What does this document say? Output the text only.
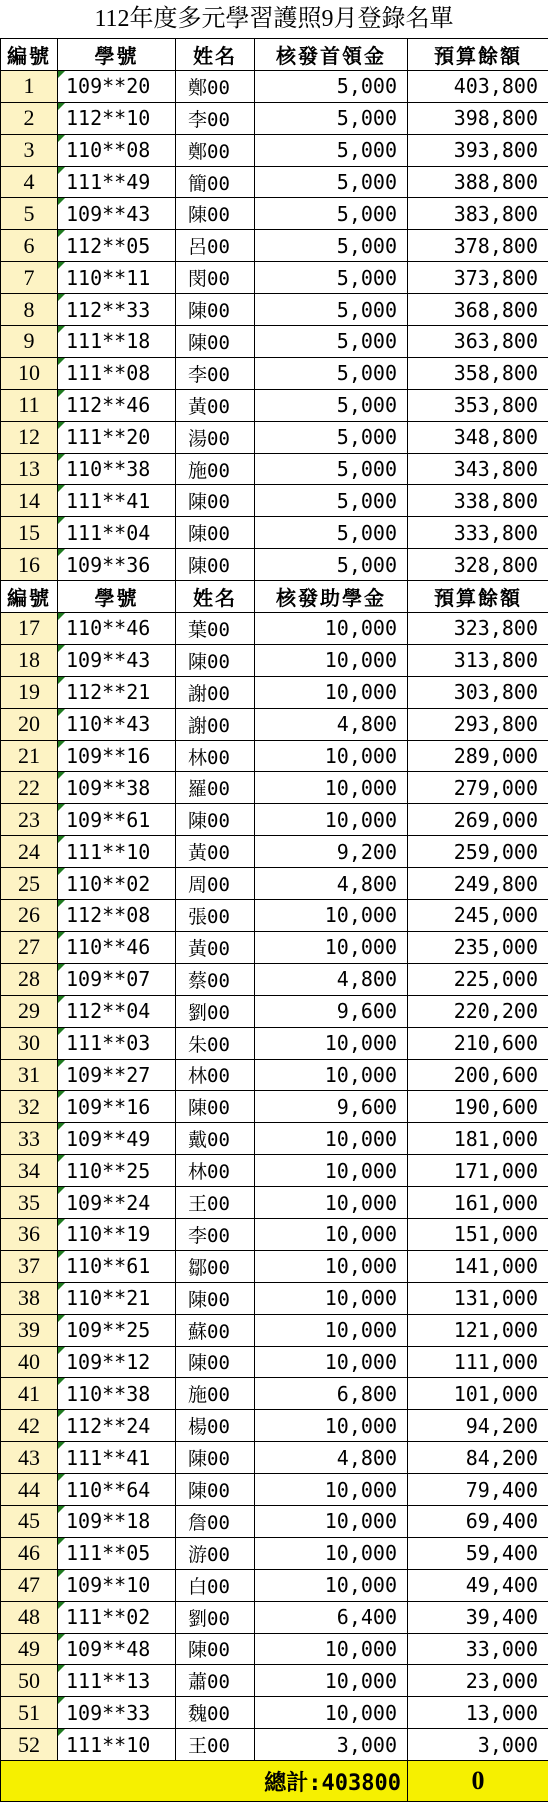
112年度多元學習護照9月登錄名單
編號	學號	姓名	核發首領金	預算餘額
1	109**20	鄭00	5,000	403,800
2	112**10	李00	5,000	398,800
3	110**08	鄭00	5,000	393,800
4	111**49	簡00	5,000	388,800
5	109**43	陳00	5,000	383,800
6	112**05	呂00	5,000	378,800
7	110**11	閔00	5,000	373,800
8	112**33	陳00	5,000	368,800
9	111**18	陳00	5,000	363,800
10	111**08	李00	5,000	358,800
11	112**46	黃00	5,000	353,800
12	111**20	湯00	5,000	348,800
13	110**38	施00	5,000	343,800
14	111**41	陳00	5,000	338,800
15	111**04	陳00	5,000	333,800
16	109**36	陳00	5,000	328,800
編號	學號	姓名	核發助學金	預算餘額
17	110**46	葉00	10,000	323,800
18	109**43	陳00	10,000	313,800
19	112**21	謝00	10,000	303,800
20	110**43	謝00	4,800	293,800
21	109**16	林00	10,000	289,000
22	109**38	羅00	10,000	279,000
23	109**61	陳00	10,000	269,000
24	111**10	黃00	9,200	259,000
25	110**02	周00	4,800	249,800
26	112**08	張00	10,000	245,000
27	110**46	黃00	10,000	235,000
28	109**07	蔡00	4,800	225,000
29	112**04	劉00	9,600	220,200
30	111**03	朱00	10,000	210,600
31	109**27	林00	10,000	200,600
32	109**16	陳00	9,600	190,600
33	109**49	戴00	10,000	181,000
34	110**25	林00	10,000	171,000
35	109**24	王00	10,000	161,000
36	110**19	李00	10,000	151,000
37	110**61	鄒00	10,000	141,000
38	110**21	陳00	10,000	131,000
39	109**25	蘇00	10,000	121,000
40	109**12	陳00	10,000	111,000
41	110**38	施00	6,800	101,000
42	112**24	楊00	10,000	94,200
43	111**41	陳00	4,800	84,200
44	110**64	陳00	10,000	79,400
45	109**18	詹00	10,000	69,400
46	111**05	游00	10,000	59,400
47	109**10	白00	10,000	49,400
48	111**02	劉00	6,400	39,400
49	109**48	陳00	10,000	33,000
50	111**13	蕭00	10,000	23,000
51	109**33	魏00	10,000	13,000
52	111**10	王00	3,000	3,000
總計:403800				0
